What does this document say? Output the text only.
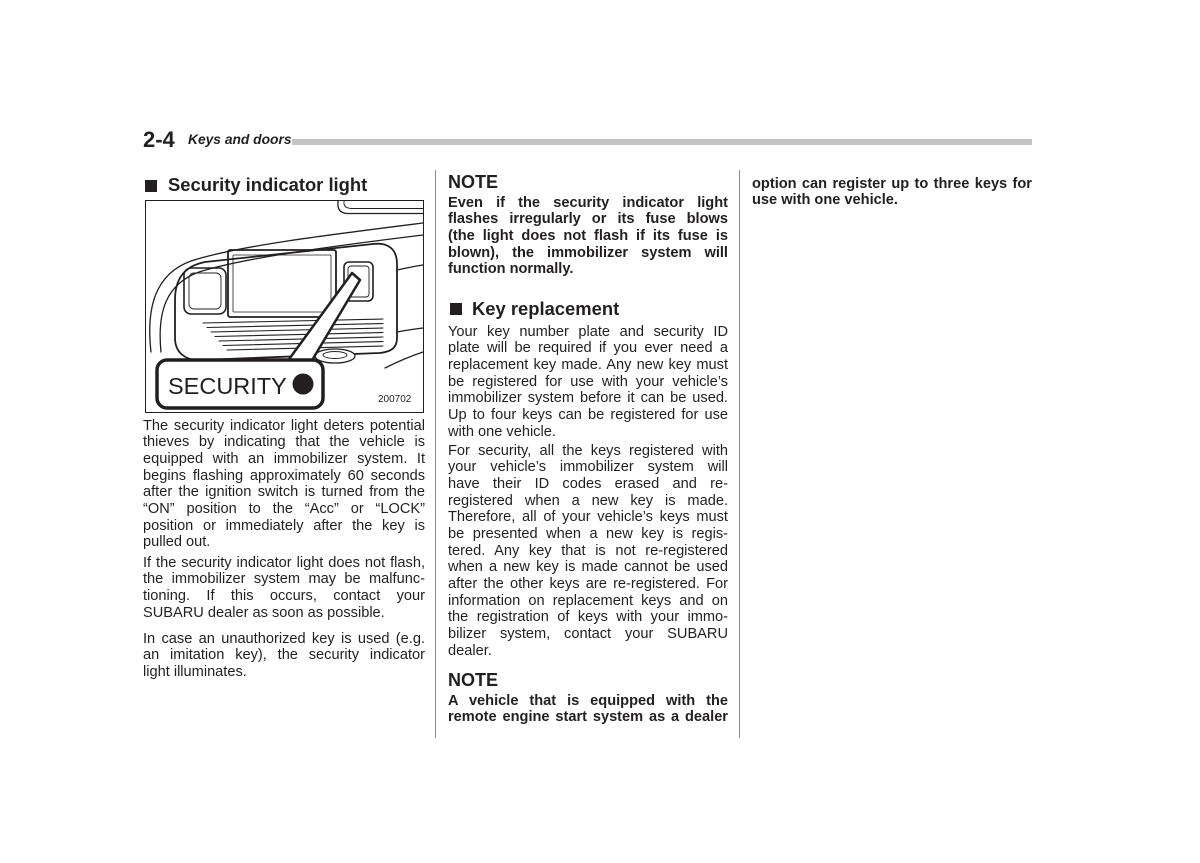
2-4 Keys and doors
Security indicator light
SECURITY
200702
The security indicator light deters potential
thieves by indicating that the vehicle is
equipped with an immobilizer system. It
begins flashing approximately 60 seconds
after the ignition switch is turned from the
“ON” position to the “Acc” or “LOCK”
position or immediately after the key is
pulled out.
If the security indicator light does not flash,
the immobilizer system may be malfunc-
tioning. If this occurs, contact your
SUBARU dealer as soon as possible.
In case an unauthorized key is used (e.g.
an imitation key), the security indicator
light illuminates.
NOTE
Even if the security indicator light
flashes irregularly or its fuse blows
(the light does not flash if its fuse is
blown), the immobilizer system will
function normally.
Key replacement
Your key number plate and security ID
plate will be required if you ever need a
replacement key made. Any new key must
be registered for use with your vehicle’s
immobilizer system before it can be used.
Up to four keys can be registered for use
with one vehicle.
For security, all the keys registered with
your vehicle’s immobilizer system will
have their ID codes erased and re-
registered when a new key is made.
Therefore, all of your vehicle’s keys must
be presented when a new key is regis-
tered. Any key that is not re-registered
when a new key is made cannot be used
after the other keys are re-registered. For
information on replacement keys and on
the registration of keys with your immo-
bilizer system, contact your SUBARU
dealer.
NOTE
A vehicle that is equipped with the
remote engine start system as a dealer
option can register up to three keys for
use with one vehicle.
